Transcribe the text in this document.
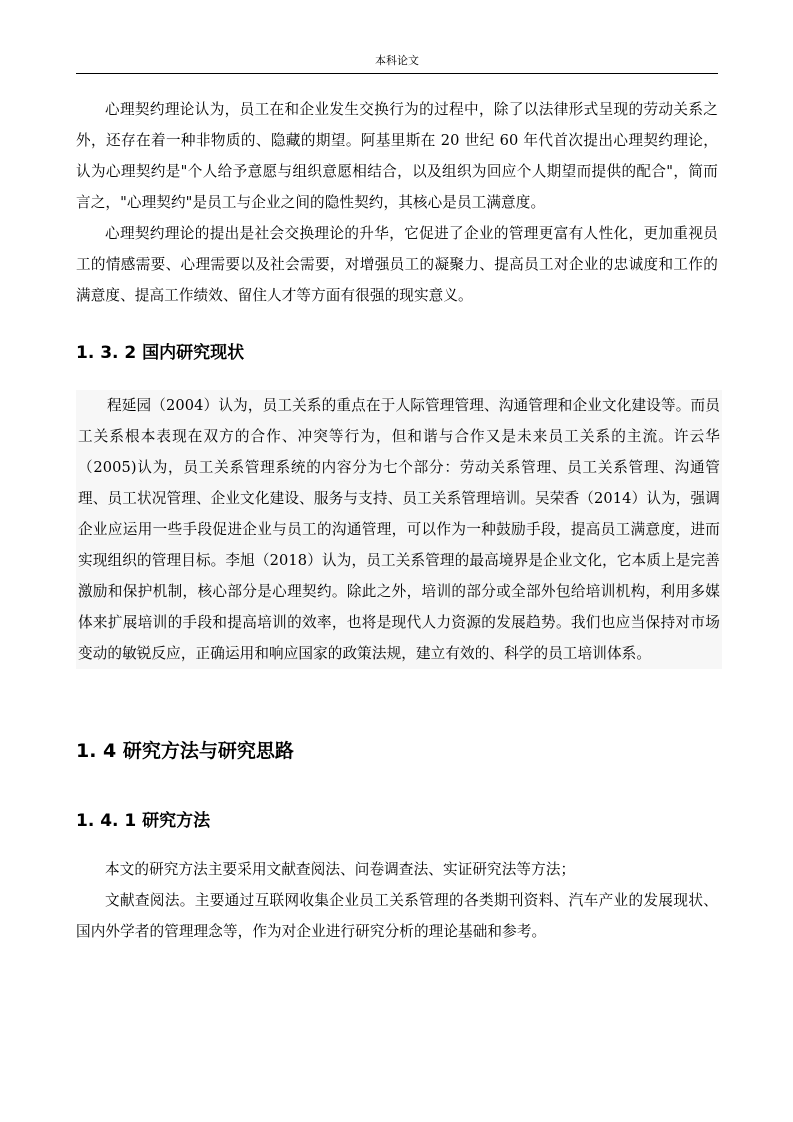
本科论文

心理契约理论认为，员工在和企业发生交换行为的过程中，除了以法律形式呈现的劳动关系之外，还存在着一种非物质的、隐藏的期望。阿基里斯在 20 世纪 60 年代首次提出心理契约理论，认为心理契约是"个人给予意愿与组织意愿相结合，以及组织为回应个人期望而提供的配合"，简而言之，"心理契约"是员工与企业之间的隐性契约，其核心是员工满意度。

心理契约理论的提出是社会交换理论的升华，它促进了企业的管理更富有人性化，更加重视员工的情感需要、心理需要以及社会需要，对增强员工的凝聚力、提高员工对企业的忠诚度和工作的满意度、提高工作绩效、留住人才等方面有很强的现实意义。

1. 3. 2 国内研究现状

程延园（2004）认为，员工关系的重点在于人际管理管理、沟通管理和企业文化建设等。而员工关系根本表现在双方的合作、冲突等行为，但和谐与合作又是未来员工关系的主流。许云华（2005)认为，员工关系管理系统的内容分为七个部分：劳动关系管理、员工关系管理、沟通管理、员工状况管理、企业文化建设、服务与支持、员工关系管理培训。吴荣香（2014）认为，强调企业应运用一些手段促进企业与员工的沟通管理，可以作为一种鼓励手段，提高员工满意度，进而实现组织的管理目标。李旭（2018）认为，员工关系管理的最高境界是企业文化，它本质上是完善激励和保护机制，核心部分是心理契约。除此之外，培训的部分或全部外包给培训机构，利用多媒体来扩展培训的手段和提高培训的效率，也将是现代人力资源的发展趋势。我们也应当保持对市场变动的敏锐反应，正确运用和响应国家的政策法规，建立有效的、科学的员工培训体系。

1. 4 研究方法与研究思路
1. 4. 1 研究方法

本文的研究方法主要采用文献查阅法、问卷调查法、实证研究法等方法；

文献查阅法。主要通过互联网收集企业员工关系管理的各类期刊资料、汽车产业的发展现状、国内外学者的管理理念等，作为对企业进行研究分析的理论基础和参考。
